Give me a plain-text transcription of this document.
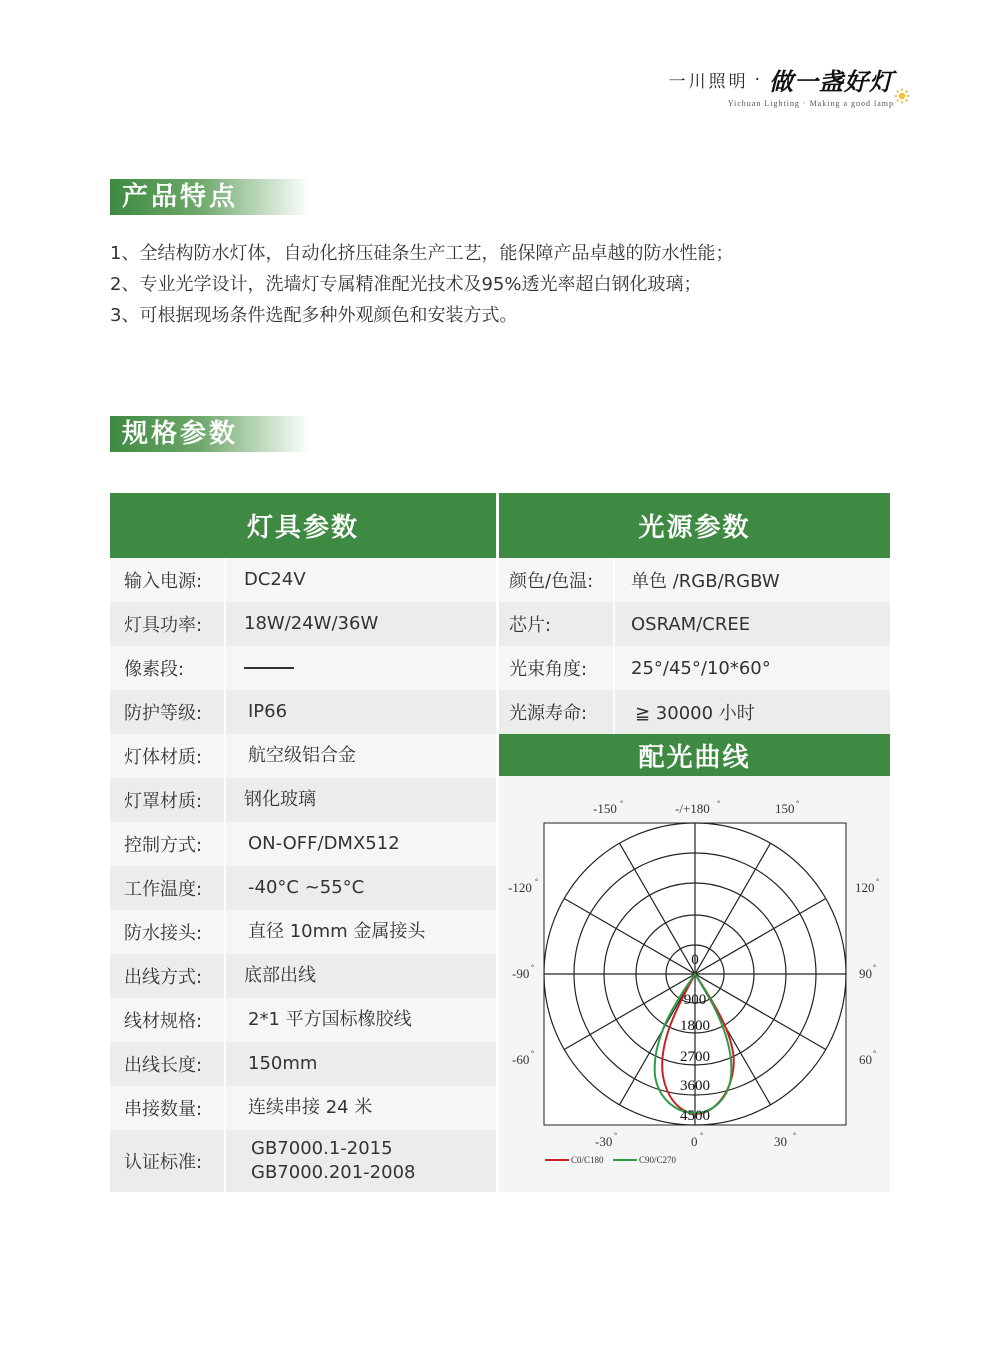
一川照明 · 做一盏好灯
Yichuan Lighting · Making a good lamp
产品特点
1、全结构防水灯体，自动化挤压硅条生产工艺，能保障产品卓越的防水性能；
2、专业光学设计，洗墙灯专属精准配光技术及95%透光率超白钢化玻璃；
3、可根据现场条件选配多种外观颜色和安装方式。
规格参数
灯具参数	光源参数
输入电源:	DC24V
灯具功率:	18W/24W/36W
像素段:
防护等级:	IP66
灯体材质:	航空级铝合金
灯罩材质:	钢化玻璃
控制方式:	ON-OFF/DMX512
工作温度:	-40°C ~55°C
防水接头:	直径 10mm 金属接头
出线方式:	底部出线
线材规格:	2*1 平方国标橡胶线
出线长度:	150mm
串接数量:	连续串接 24 米
认证标准:
GB7000.1-2015
GB7000.201-2008
颜色/色温:	单色 /RGB/RGBW
芯片:	OSRAM/CREE
光束角度:	25°/45°/10*60°
光源寿命:	≧ 30000 小时
配光曲线
0
900
1800
2700
3600
4500
-150	-/+180	150
-120	120
-90	90
-60	60
-30	0	30
°	°	°
°	°
°	°
°	°
°	°	°
C0/C180	C90/C270
